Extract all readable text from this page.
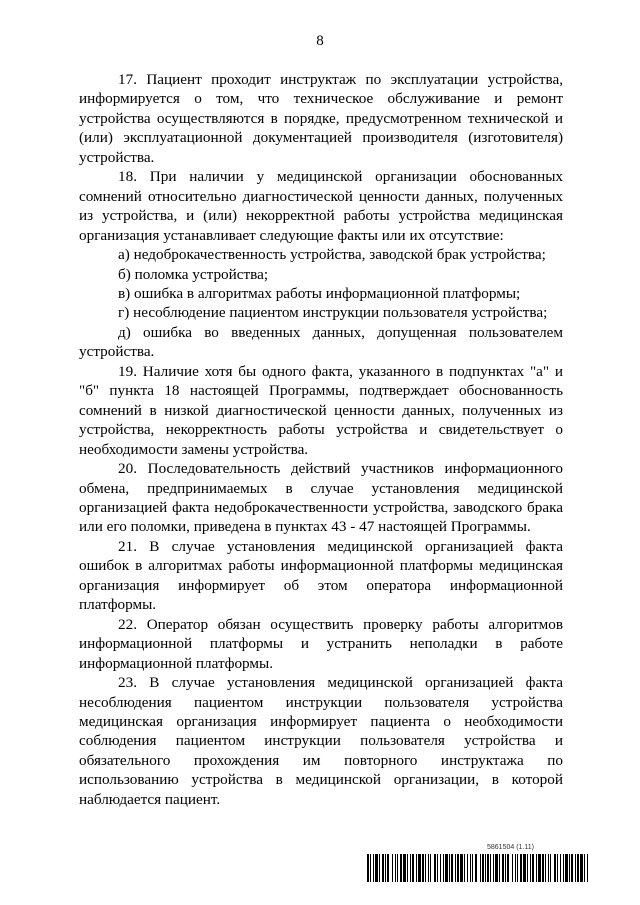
8

17. Пациент проходит инструктаж по эксплуатации устройства, информируется о том, что техническое обслуживание и ремонт устройства осуществляются в порядке, предусмотренном технической и (или) эксплуатационной документацией производителя (изготовителя) устройства.

18. При наличии у медицинской организации обоснованных сомнений относительно диагностической ценности данных, полученных из устройства, и (или) некорректной работы устройства медицинская организация устанавливает следующие факты или их отсутствие:

а) недоброкачественность устройства, заводской брак устройства;

б) поломка устройства;

в) ошибка в алгоритмах работы информационной платформы;

г) несоблюдение пациентом инструкции пользователя устройства;

д) ошибка во введенных данных, допущенная пользователем устройства.

19. Наличие хотя бы одного факта, указанного в подпунктах "а" и "б" пункта 18 настоящей Программы, подтверждает обоснованность сомнений в низкой диагностической ценности данных, полученных из устройства, некорректность работы устройства и свидетельствует о необходимости замены устройства.

20. Последовательность действий участников информационного обмена, предпринимаемых в случае установления медицинской организацией факта недоброкачественности устройства, заводского брака или его поломки, приведена в пунктах 43 - 47 настоящей Программы.

21. В случае установления медицинской организацией факта ошибок в алгоритмах работы информационной платформы медицинская организация информирует об этом оператора информационной платформы.

22. Оператор обязан осуществить проверку работы алгоритмов информационной платформы и устранить неполадки в работе информационной платформы.

23. В случае установления медицинской организацией факта несоблюдения пациентом инструкции пользователя устройства медицинская организация информирует пациента о необходимости соблюдения пациентом инструкции пользователя устройства и обязательного прохождения им повторного инструктажа по использованию устройства в медицинской организации, в которой наблюдается пациент.

5861504 (1.11)
